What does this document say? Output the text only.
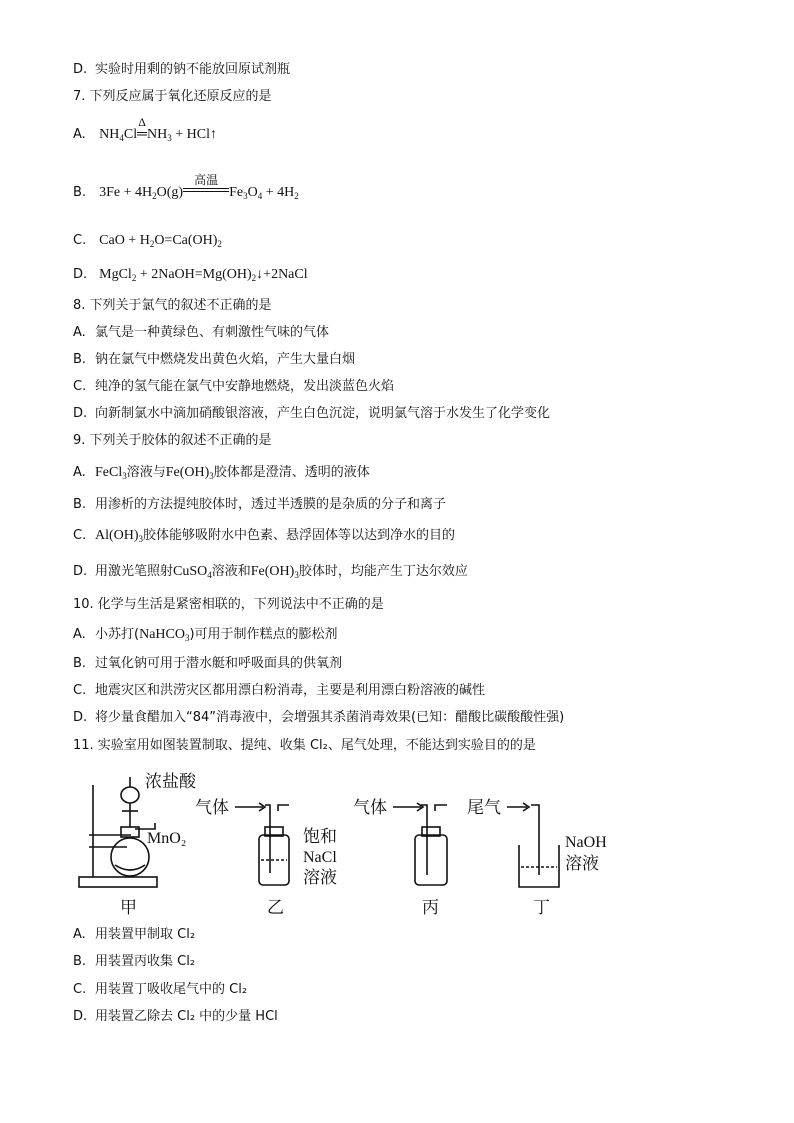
D. 实验时用剩的钠不能放回原试剂瓶
7. 下列反应属于氧化还原反应的是
A. $NH_4Cl$
Δ
$═NH_3$ + HCl↑
B. $3Fe + 4H_2O(g)$
高温
$Fe_3O_4 + 4H_2$
C. CaO + $H_2O=Ca(OH)_2$
D. MgCl$_2$ + $2NaOH=Mg(OH)_2↓+2NaCl$
8. 下列关于氯气的叙述不正确的是
A. 氯气是一种黄绿色、有刺激性气味的气体
B. 钠在氯气中燃烧发出黄色火焰，产生大量白烟
C. 纯净的氢气能在氯气中安静地燃烧，发出淡蓝色火焰
D. 向新制氯水中滴加硝酸银溶液，产生白色沉淀，说明氯气溶于水发生了化学变化
9. 下列关于胶体的叙述不正确的是
A. FeCl$_3$溶液与$Fe(OH)_3$胶体都是澄清、透明的液体
B. 用渗析的方法提纯胶体时，透过半透膜的是杂质的分子和离子
C. $Al(OH)_3$胶体能够吸附水中色素、悬浮固体等以达到净水的目的
D. 用激光笔照射CuSO$_4$溶液和$Fe(OH)_3$胶体时，均能产生丁达尔效应
10. 化学与生活是紧密相联的，下列说法中不正确的是
A. 小苏打(NaHCO$_3$)可用于制作糕点的膨松剂
B. 过氧化钠可用于潜水艇和呼吸面具的供氧剂
C. 地震灾区和洪涝灾区都用漂白粉消毒，主要是利用漂白粉溶液的碱性
D. 将少量食醋加入“84”消毒液中，会增强其杀菌消毒效果(已知：醋酸比碳酸酸性强)
11. 实验室用如图装置制取、提纯、收集 Cl₂、尾气处理，不能达到实验目的的是
浓盐酸
MnO₂
甲
气体
饱和
NaCl
溶液
乙
气体
丙
尾气
NaOH
溶液
丁
A. 用装置甲制取 Cl₂
B. 用装置丙收集 Cl₂
C. 用装置丁吸收尾气中的 Cl₂
D. 用装置乙除去 Cl₂ 中的少量 HCl
